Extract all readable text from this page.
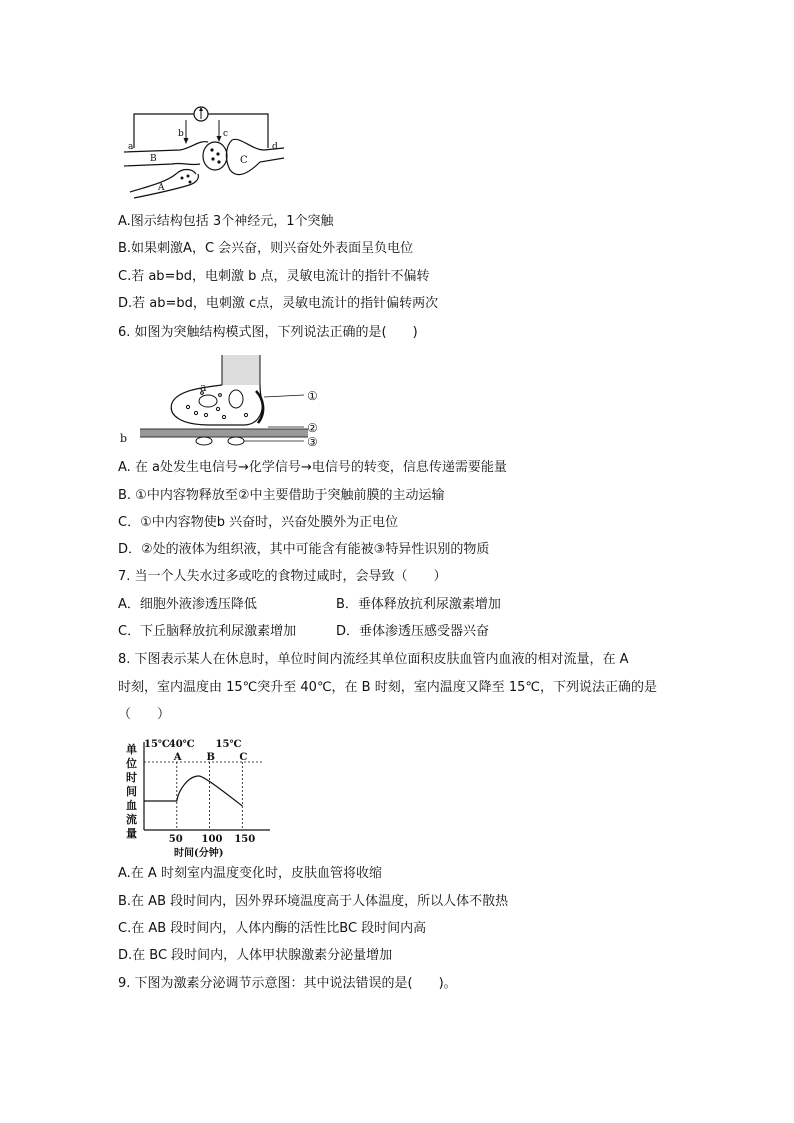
a
b	c
d
B	C
A
A.图示结构包括 3个神经元，1个突触
B.如果刺激A，C 会兴奋，则兴奋处外表面呈负电位
C.若 ab=bd，电刺激 b 点，灵敏电流计的指针不偏转
D.若 ab=bd，电刺激 c点，灵敏电流计的指针偏转两次
6. 如图为突触结构模式图，下列说法正确的是(　　)
a
①
②
③
b
A. 在 a处发生电信号→化学信号→电信号的转变，信息传递需要能量
B. ①中内容物释放至②中主要借助于突触前膜的主动运输
C．①中内容物使b 兴奋时，兴奋处膜外为正电位
D．②处的液体为组织液，其中可能含有能被③特异性识别的物质
7. 当一个人失水过多或吃的食物过咸时，会导致（　　）
A．细胞外液渗透压降低	B．垂体释放抗利尿激素增加
C．下丘脑释放抗利尿激素增加	D．垂体渗透压感受器兴奋
8. 下图表示某人在休息时，单位时间内流经其单位面积皮肤血管内血液的相对流量，在 A
时刻，室内温度由 15℃突升至 40℃，在 B 时刻，室内温度又降至 15℃，下列说法正确的是
（　　）
单
位
时
间
血
流
量
A	B C
15℃
40℃ 15℃
50 100 150
时间(分钟)
A.在 A 时刻室内温度变化时，皮肤血管将收缩
B.在 AB 段时间内，因外界环境温度高于人体温度，所以人体不散热
C.在 AB 段时间内，人体内酶的活性比BC 段时间内高
D.在 BC 段时间内，人体甲状腺激素分泌量增加
9. 下图为激素分泌调节示意图：其中说法错误的是(　　)。
